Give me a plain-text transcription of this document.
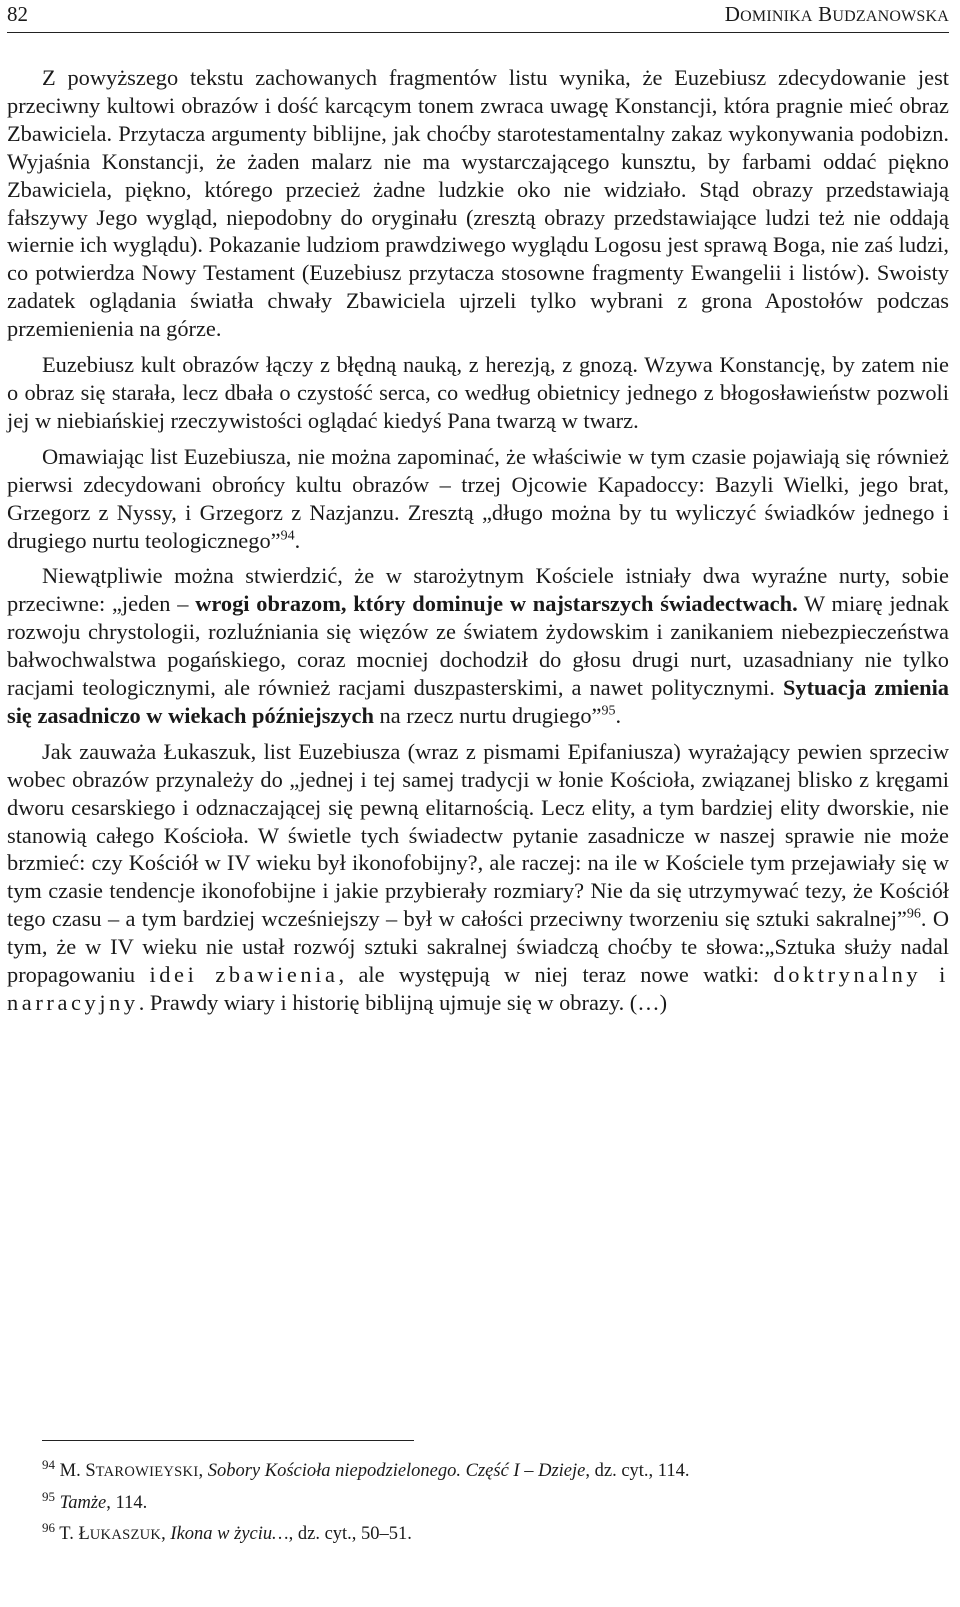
82	DOMINIKA BUDZANOWSKA

Z powyższego tekstu zachowanych fragmentów listu wynika, że Euzebiusz zdecydowanie jest przeciwny kultowi obrazów i dość karcącym tonem zwraca uwagę Konstancji, która pragnie mieć obraz Zbawiciela. Przytacza argumenty biblijne, jak choćby starotestamentalny zakaz wykonywania podobizn. Wyjaśnia Konstancji, że żaden malarz nie ma wystarczającego kunsztu, by farbami oddać piękno Zbawiciela, piękno, którego przecież żadne ludzkie oko nie widziało. Stąd obrazy przedstawiają fałszywy Jego wygląd, niepodobny do oryginału (zresztą obrazy przedstawiające ludzi też nie oddają wiernie ich wyglądu). Pokazanie ludziom prawdziwego wyglądu Logosu jest sprawą Boga, nie zaś ludzi, co potwierdza Nowy Testament (Euzebiusz przytacza stosowne fragmenty Ewangelii i listów). Swoisty zadatek oglądania światła chwały Zbawiciela ujrzeli tylko wybrani z grona Apostołów podczas przemienienia na górze.

Euzebiusz kult obrazów łączy z błędną nauką, z herezją, z gnozą. Wzywa Konstancję, by zatem nie o obraz się starała, lecz dbała o czystość serca, co według obietnicy jednego z błogosławieństw pozwoli jej w niebiańskiej rzeczywistości oglądać kiedyś Pana twarzą w twarz.

Omawiając list Euzebiusza, nie można zapominać, że właściwie w tym czasie pojawiają się również pierwsi zdecydowani obrońcy kultu obrazów – trzej Ojcowie Kapadoccy: Bazyli Wielki, jego brat, Grzegorz z Nyssy, i Grzegorz z Nazjanzu. Zresztą „długo można by tu wyliczyć świadków jednego i drugiego nurtu teologicznego”$^{94}$.

Niewątpliwie można stwierdzić, że w starożytnym Kościele istniały dwa wyraźne nurty, sobie przeciwne: „jeden – wrogi obrazom, który dominuje w najstarszych świadectwach. W miarę jednak rozwoju chrystologii, rozluźniania się więzów ze światem żydowskim i zanikaniem niebezpieczeństwa bałwochwalstwa pogańskiego, coraz mocniej dochodził do głosu drugi nurt, uzasadniany nie tylko racjami teologicznymi, ale również racjami duszpasterskimi, a nawet politycznymi. Sytuacja zmienia się zasadniczo w wiekach późniejszych na rzecz nurtu drugiego”$^{95}$.

Jak zauważa Łukaszuk, list Euzebiusza (wraz z pismami Epifaniusza) wyrażający pewien sprzeciw wobec obrazów przynależy do „jednej i tej samej tradycji w łonie Kościoła, związanej blisko z kręgami dworu cesarskiego i odznaczającej się pewną elitarnością. Lecz elity, a tym bardziej elity dworskie, nie stanowią całego Kościoła. W świetle tych świadectw pytanie zasadnicze w naszej sprawie nie może brzmieć: czy Kościół w IV wieku był ikonofobijny?, ale raczej: na ile w Kościele tym przejawiały się w tym czasie tendencje ikonofobijne i jakie przybierały rozmiary? Nie da się utrzymywać tezy, że Kościół tego czasu – a tym bardziej wcześniejszy – był w całości przeciwny tworzeniu się sztuki sakralnej”$^{96}$. O tym, że w IV wieku nie ustał rozwój sztuki sakralnej świadczą choćby te słowa:„Sztuka służy nadal propagowaniu idei zbawienia, ale występują w niej teraz nowe watki: doktrynalny i narracyjny. Prawdy wiary i historię biblijną ujmuje się w obrazy. (…)

$^{94}$ M. STAROWIEYSKI, Sobory Kościoła niepodzielonego. Część I – Dzieje, dz. cyt., 114.

$^{95}$ Tamże, 114.

$^{96}$ T. ŁUKASZUK, Ikona w życiu…, dz. cyt., 50–51.
